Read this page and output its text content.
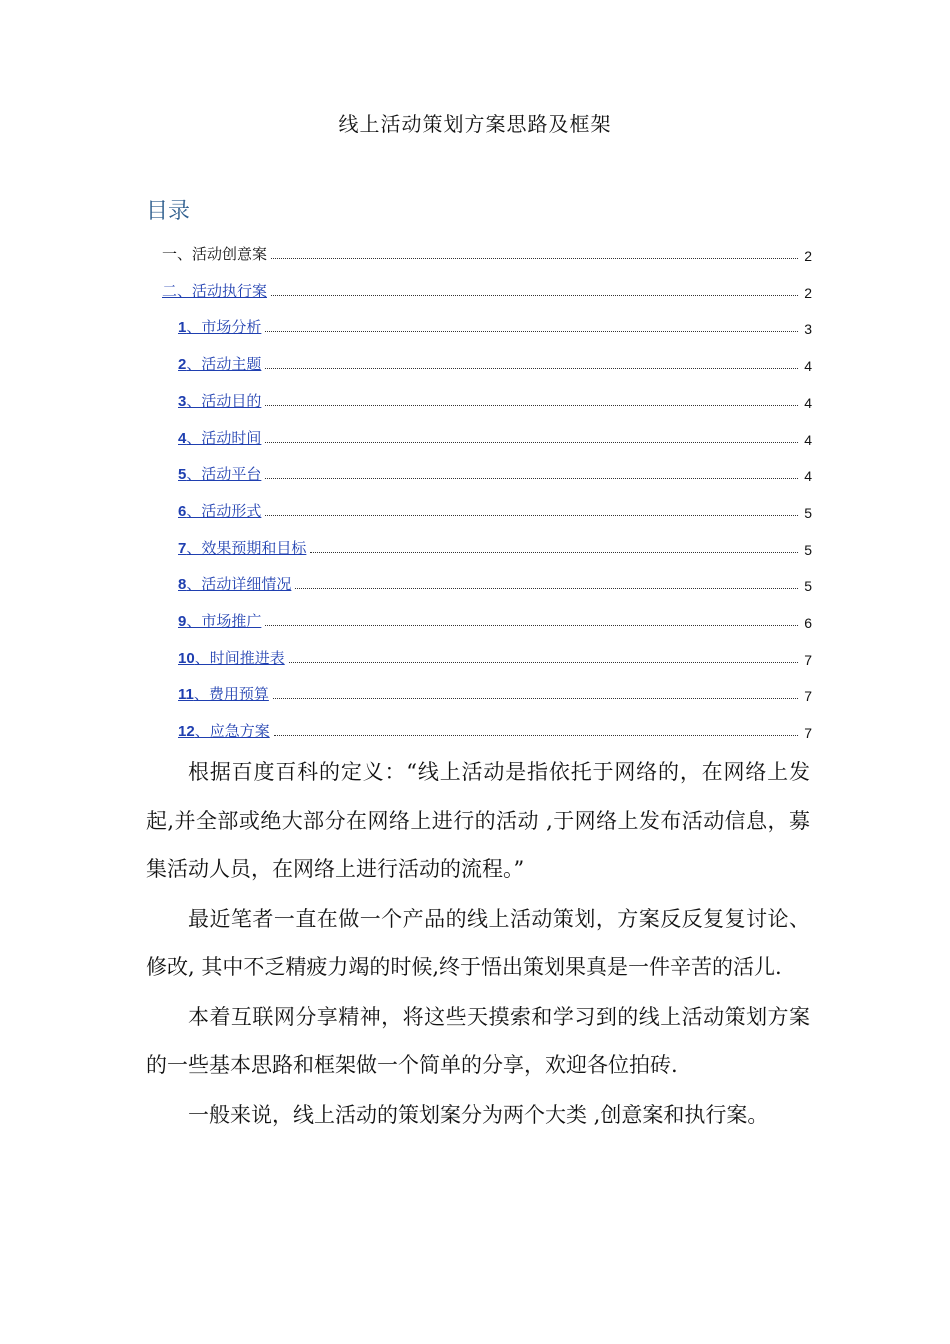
线上活动策划方案思路及框架
目录
一、活动创意案	2
二、活动执行案	2
1、市场分析	3
2、活动主题	4
3、活动目的	4
4、活动时间	4
5、活动平台	4
6、活动形式	5
7、效果预期和目标	5
8、活动详细情况	5
9、市场推广	6
10、时间推进表	7
11、费用预算	7
12、应急方案	7

根据百度百科的定义：“线上活动是指依托于网络的，在网络上发起,并全部或绝大部分在网络上进行的活动 ,于网络上发布活动信息，募集活动人员，在网络上进行活动的流程。”

最近笔者一直在做一个产品的线上活动策划，方案反反复复讨论、修改, 其中不乏精疲力竭的时候,终于悟出策划果真是一件辛苦的活儿.

本着互联网分享精神，将这些天摸索和学习到的线上活动策划方案的一些基本思路和框架做一个简单的分享，欢迎各位拍砖.

一般来说，线上活动的策划案分为两个大类 ,创意案和执行案。
